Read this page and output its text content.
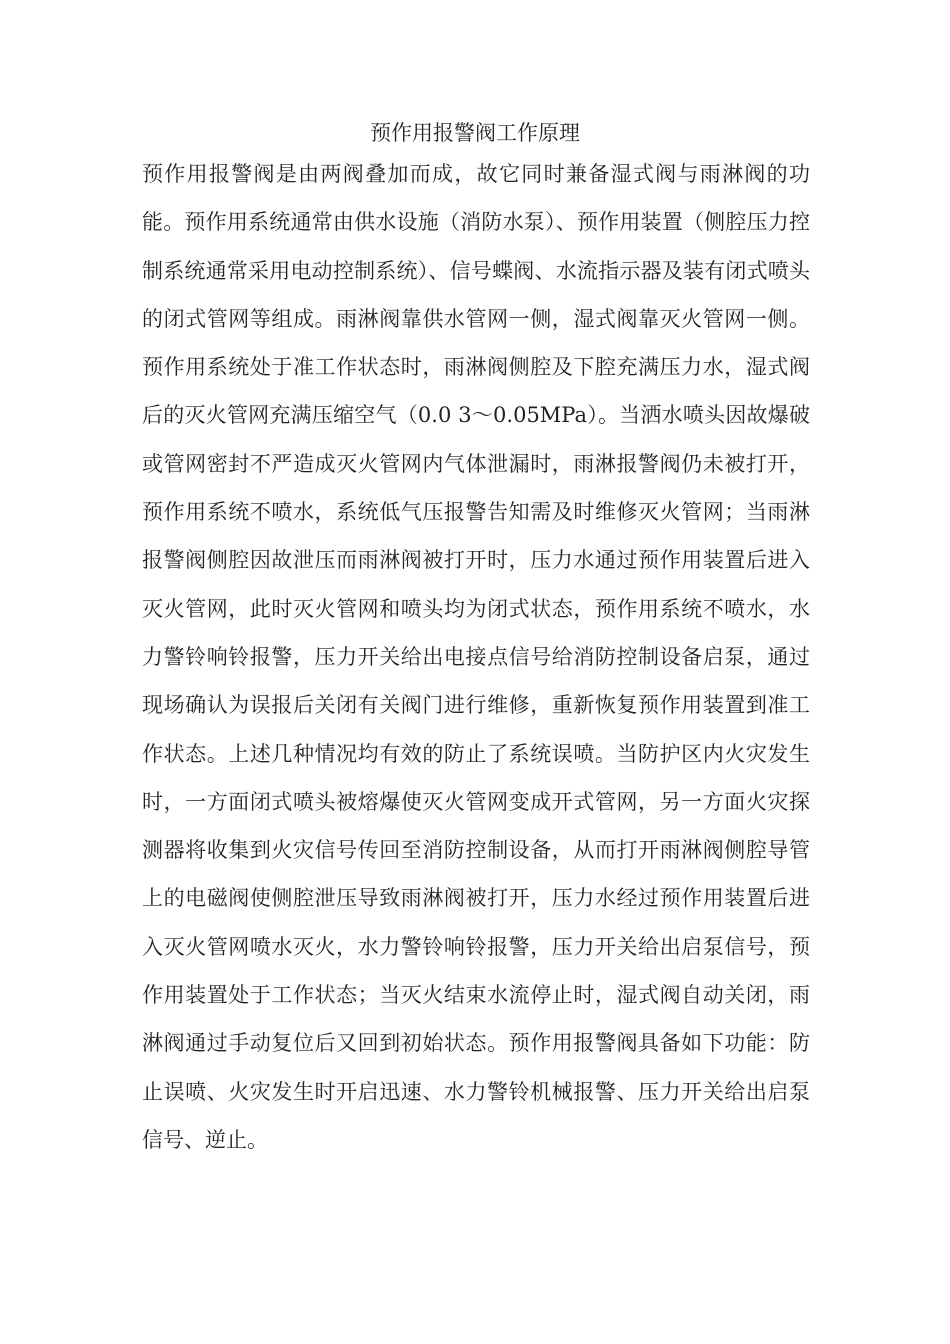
预作用报警阀工作原理
预作用报警阀是由两阀叠加而成，故它同时兼备湿式阀与雨淋阀的功能。预作用系统通常由供水设施（消防水泵）、预作用装置（侧腔压力控制系统通常采用电动控制系统）、信号蝶阀、水流指示器及装有闭式喷头的闭式管网等组成。雨淋阀靠供水管网一侧，湿式阀靠灭火管网一侧。预作用系统处于准工作状态时，雨淋阀侧腔及下腔充满压力水，湿式阀后的灭火管网充满压缩空气（0.0 3～0.05MPa）。当洒水喷头因故爆破或管网密封不严造成灭火管网内气体泄漏时，雨淋报警阀仍未被打开，预作用系统不喷水，系统低气压报警告知需及时维修灭火管网；当雨淋报警阀侧腔因故泄压而雨淋阀被打开时，压力水通过预作用装置后进入灭火管网，此时灭火管网和喷头均为闭式状态，预作用系统不喷水，水力警铃响铃报警，压力开关给出电接点信号给消防控制设备启泵，通过现场确认为误报后关闭有关阀门进行维修，重新恢复预作用装置到准工作状态。上述几种情况均有效的防止了系统误喷。当防护区内火灾发生时，一方面闭式喷头被熔爆使灭火管网变成开式管网，另一方面火灾探测器将收集到火灾信号传回至消防控制设备，从而打开雨淋阀侧腔导管上的电磁阀使侧腔泄压导致雨淋阀被打开，压力水经过预作用装置后进入灭火管网喷水灭火，水力警铃响铃报警，压力开关给出启泵信号，预作用装置处于工作状态；当灭火结束水流停止时，湿式阀自动关闭，雨淋阀通过手动复位后又回到初始状态。预作用报警阀具备如下功能：防止误喷、火灾发生时开启迅速、水力警铃机械报警、压力开关给出启泵信号、逆止。
